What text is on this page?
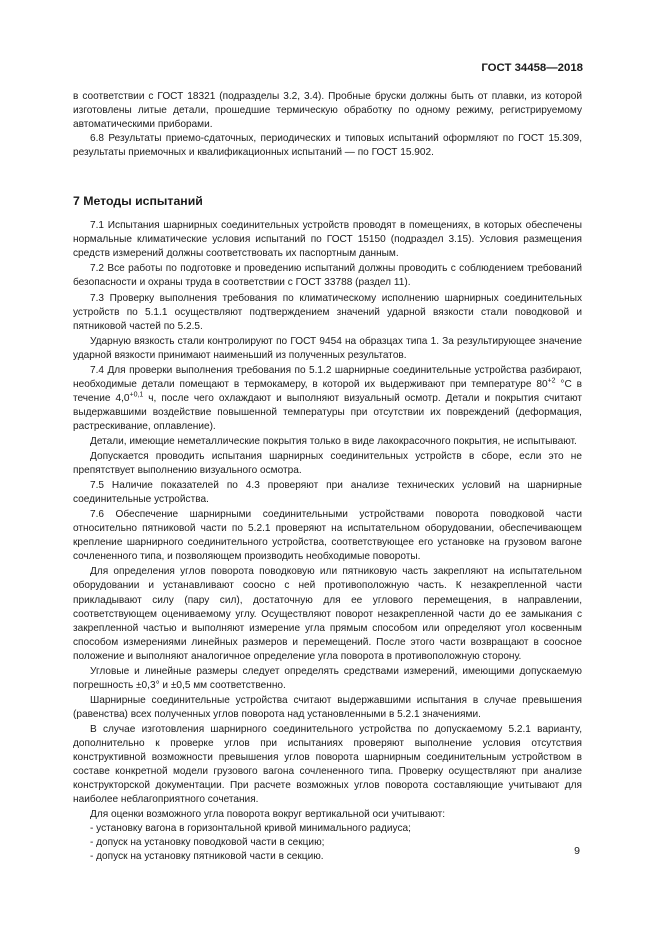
ГОСТ 34458—2018

в соответствии с ГОСТ 18321 (подразделы 3.2, 3.4). Пробные бруски должны быть от плавки, из которой изготовлены литые детали, прошедшие термическую обработку по одному режиму, регистрируемому автоматическими приборами.

6.8 Результаты приемо-сдаточных, периодических и типовых испытаний оформляют по ГОСТ 15.309, результаты приемочных и квалификационных испытаний — по ГОСТ 15.902.

7 Методы испытаний

7.1 Испытания шарнирных соединительных устройств проводят в помещениях, в которых обеспечены нормальные климатические условия испытаний по ГОСТ 15150 (подраздел 3.15). Условия размещения средств измерений должны соответствовать их паспортным данным.

7.2 Все работы по подготовке и проведению испытаний должны проводить с соблюдением требований безопасности и охраны труда в соответствии с ГОСТ 33788 (раздел 11).

7.3 Проверку выполнения требования по климатическому исполнению шарнирных соединительных устройств по 5.1.1 осуществляют подтверждением значений ударной вязкости стали поводковой и пятниковой частей по 5.2.5.

Ударную вязкость стали контролируют по ГОСТ 9454 на образцах типа 1. За результирующее значение ударной вязкости принимают наименьший из полученных результатов.

7.4 Для проверки выполнения требования по 5.1.2 шарнирные соединительные устройства разбирают, необходимые детали помещают в термокамеру, в которой их выдерживают при температуре $80^{+2}$ °С в течение $4,0^{+0,1}$ ч, после чего охлаждают и выполняют визуальный осмотр. Детали и покрытия считают выдержавшими воздействие повышенной температуры при отсутствии их повреждений (деформация, растрескивание, оплавление).

Детали, имеющие неметаллические покрытия только в виде лакокрасочного покрытия, не испытывают.

Допускается проводить испытания шарнирных соединительных устройств в сборе, если это не препятствует выполнению визуального осмотра.

7.5 Наличие показателей по 4.3 проверяют при анализе технических условий на шарнирные соединительные устройства.

7.6 Обеспечение шарнирными соединительными устройствами поворота поводковой части относительно пятниковой части по 5.2.1 проверяют на испытательном оборудовании, обеспечивающем крепление шарнирного соединительного устройства, соответствующее его установке на грузовом вагоне сочлененного типа, и позволяющем производить необходимые повороты.

Для определения углов поворота поводковую или пятниковую часть закрепляют на испытательном оборудовании и устанавливают соосно с ней противоположную часть. К незакрепленной части прикладывают силу (пару сил), достаточную для ее углового перемещения, в направлении, соответствующем оцениваемому углу. Осуществляют поворот незакрепленной части до ее замыкания с закрепленной частью и выполняют измерение угла прямым способом или определяют угол косвенным способом измерениями линейных размеров и перемещений. После этого части возвращают в соосное положение и выполняют аналогичное определение угла поворота в противоположную сторону.

Угловые и линейные размеры следует определять средствами измерений, имеющими допускаемую погрешность ±0,3° и ±0,5 мм соответственно.

Шарнирные соединительные устройства считают выдержавшими испытания в случае превышения (равенства) всех полученных углов поворота над установленными в 5.2.1 значениями.

В случае изготовления шарнирного соединительного устройства по допускаемому 5.2.1 варианту, дополнительно к проверке углов при испытаниях проверяют выполнение условия отсутствия конструктивной возможности превышения углов поворота шарнирным соединительным устройством в составе конкретной модели грузового вагона сочлененного типа. Проверку осуществляют при анализе конструкторской документации. При расчете возможных углов поворота составляющие учитывают для наиболее неблагоприятного сочетания.

Для оценки возможного угла поворота вокруг вертикальной оси учитывают:

- установку вагона в горизонтальной кривой минимального радиуса;

- допуск на установку поводковой части в секцию;

- допуск на установку пятниковой части в секцию.	9
